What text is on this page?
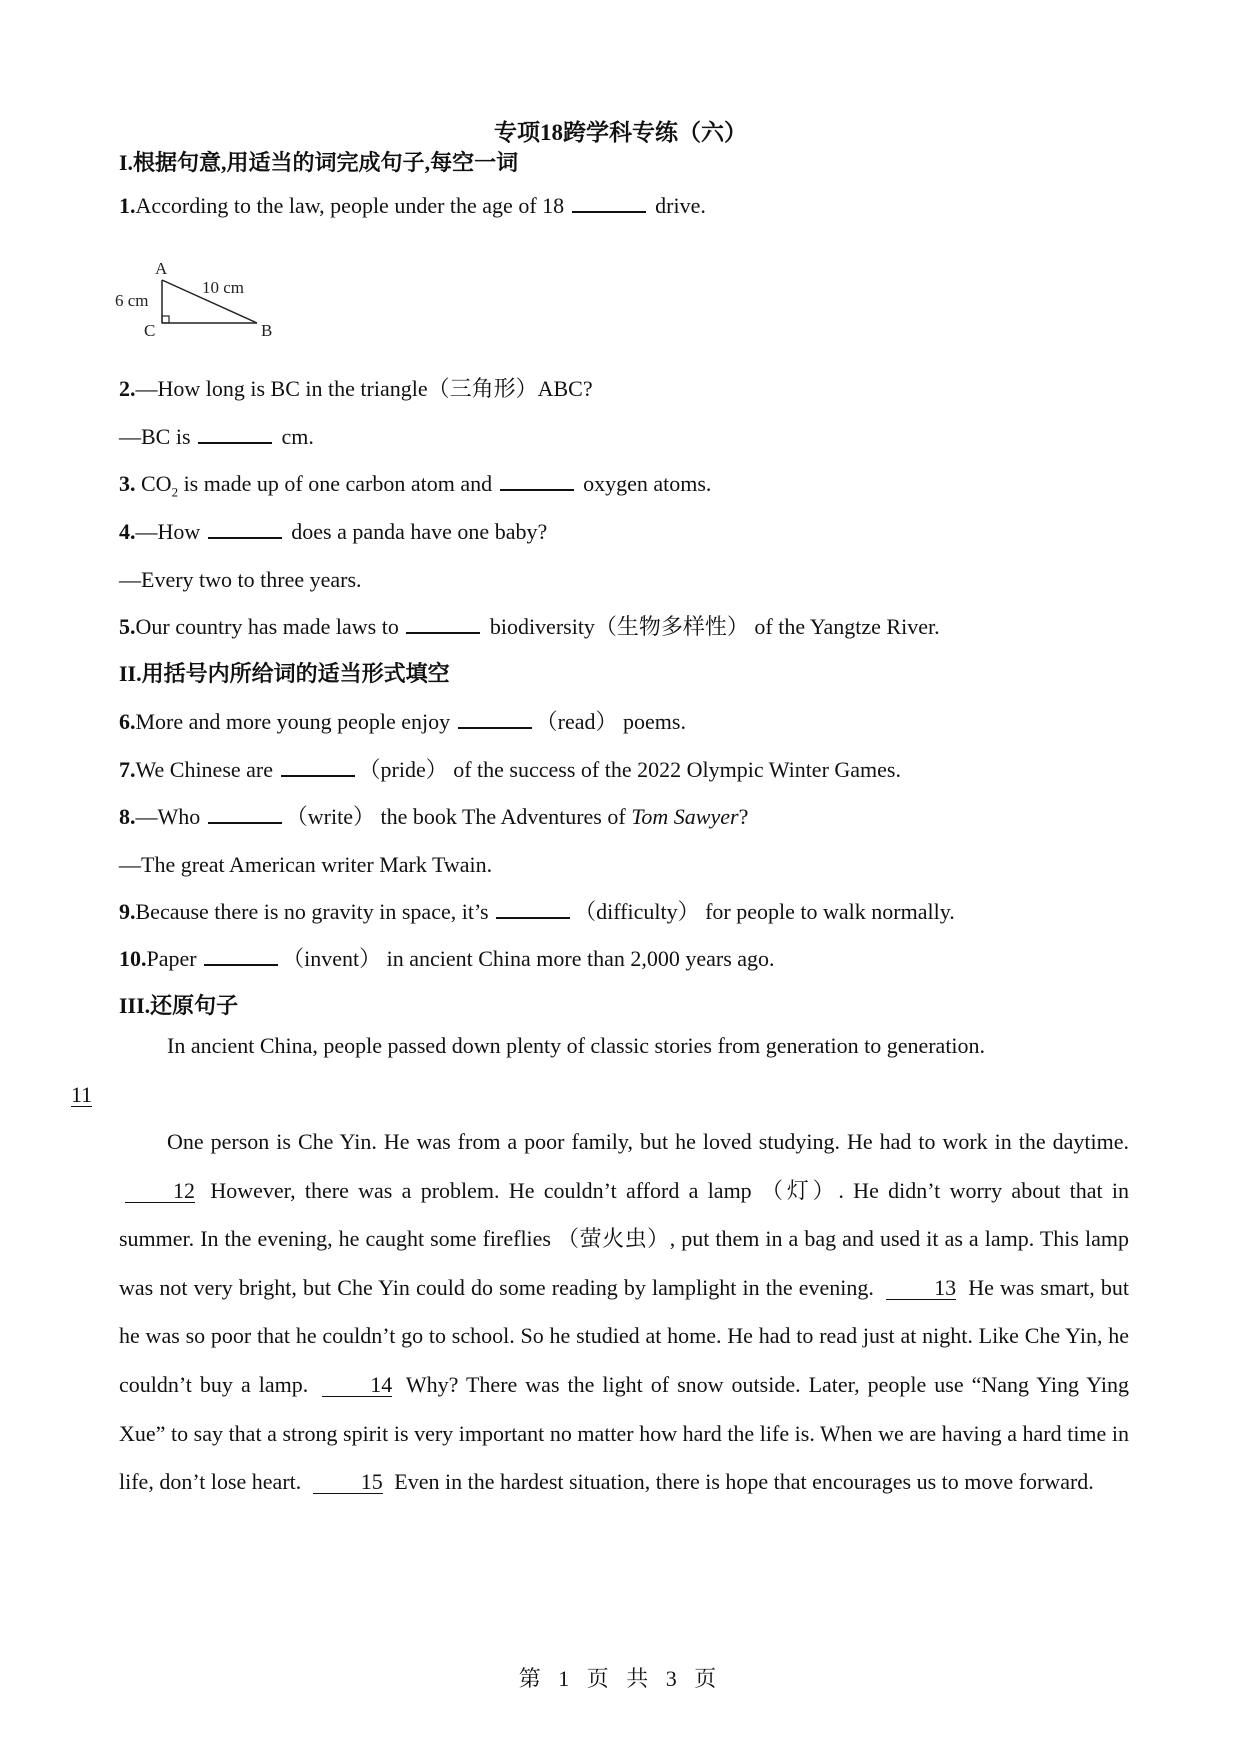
专项18跨学科专练（六）
I.根据句意,用适当的词完成句子,每空一词
1.According to the law, people under the age of 18	drive.
A
C	B
6 cm
10 cm
2.—How long is BC in the triangle（三角形）ABC?
—BC is	cm.
3. $CO_2$ is made up of one carbon atom and	oxygen atoms.
4.—How	does a panda have one baby?
—Every two to three years.
5.Our country has made laws to	biodiversity（生物多样性） of the Yangtze River.
II.用括号内所给词的适当形式填空
6.More and more young people enjoy	（read） poems.
7.We Chinese are	（pride） of the success of the 2022 Olympic Winter Games.
8.—Who	（write） the book The Adventures of Tom Sawyer?
—The great American writer Mark Twain.
9.Because there is no gravity in space, it’s	（difficulty） for people to walk normally.
10.Paper	（invent） in ancient China more than 2,000 years ago.
III.还原句子
In ancient China, people passed down plenty of classic stories from generation to generation.
11
One person is Che Yin. He was from a poor family, but he loved studying. He had to work in the daytime.12 However, there was a problem. He couldn’t afford a lamp （灯）. He didn’t worry about that in summer. In the evening, he caught some fireflies （萤火虫）, put them in a bag and used it as a lamp. This lamp was not very bright, but Che Yin could do some reading by lamplight in the evening.	13 He was smart, but he was so poor that he couldn’t go to school. So he studied at home. He had to read just at night. Like Che Yin, he couldn’t buy a lamp.	14 Why? There was the light of snow outside. Later, people use “Nang Ying Ying Xue” to say that a strong spirit is very important no matter how hard the life is. When we are having a hard time in life, don’t lose heart.	15 Even in the hardest situation, there is hope that encourages us to move forward.
第 1 页 共 3 页
